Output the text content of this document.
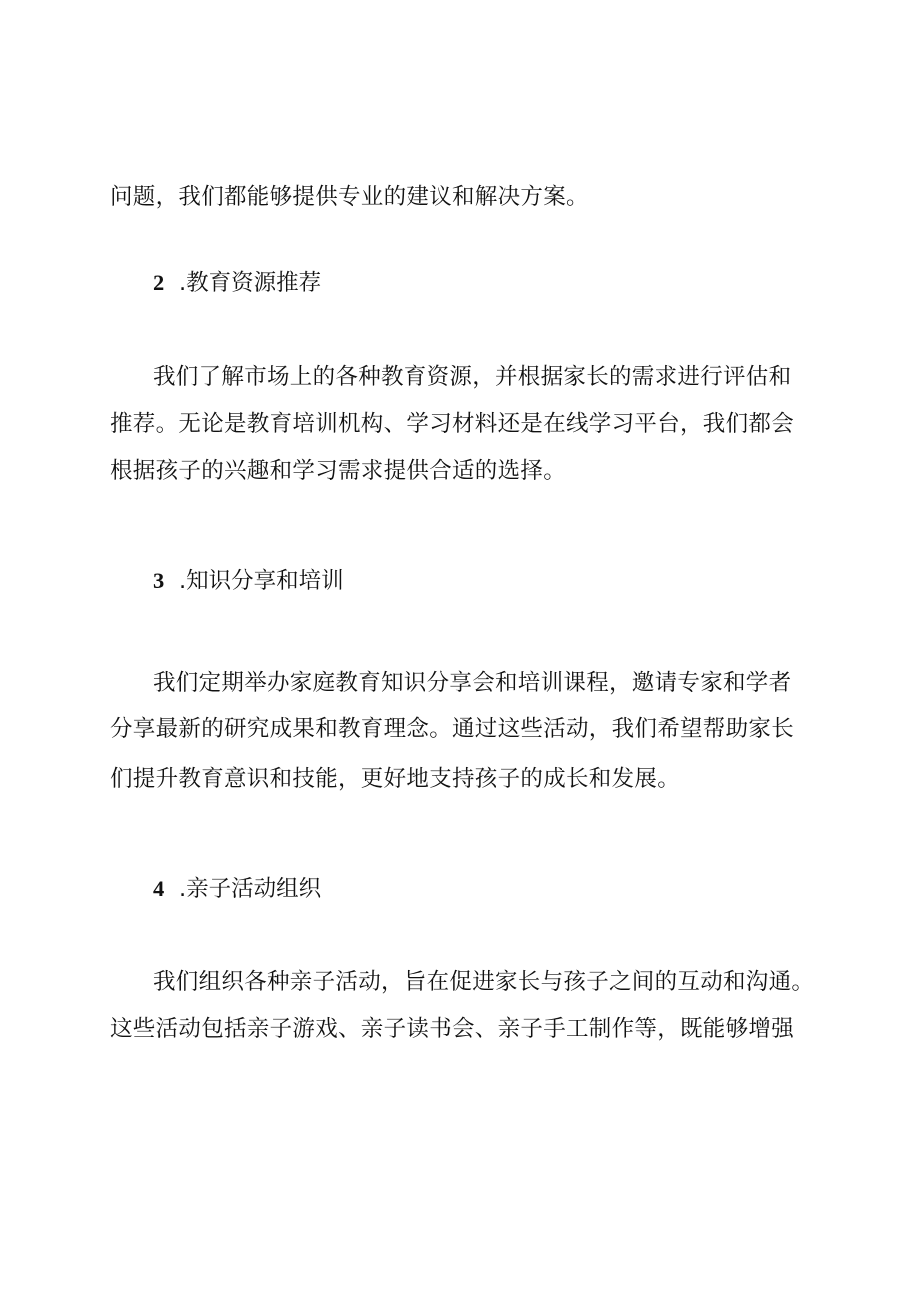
问题，我们都能够提供专业的建议和解决方案。
2 .教育资源推荐
我们了解市场上的各种教育资源，并根据家长的需求进行评估和
推荐。无论是教育培训机构、学习材料还是在线学习平台，我们都会
根据孩子的兴趣和学习需求提供合适的选择。
3 .知识分享和培训
我们定期举办家庭教育知识分享会和培训课程，邀请专家和学者
分享最新的研究成果和教育理念。通过这些活动，我们希望帮助家长
们提升教育意识和技能，更好地支持孩子的成长和发展。
4 .亲子活动组织
我们组织各种亲子活动，旨在促进家长与孩子之间的互动和沟通。
这些活动包括亲子游戏、亲子读书会、亲子手工制作等，既能够增强
